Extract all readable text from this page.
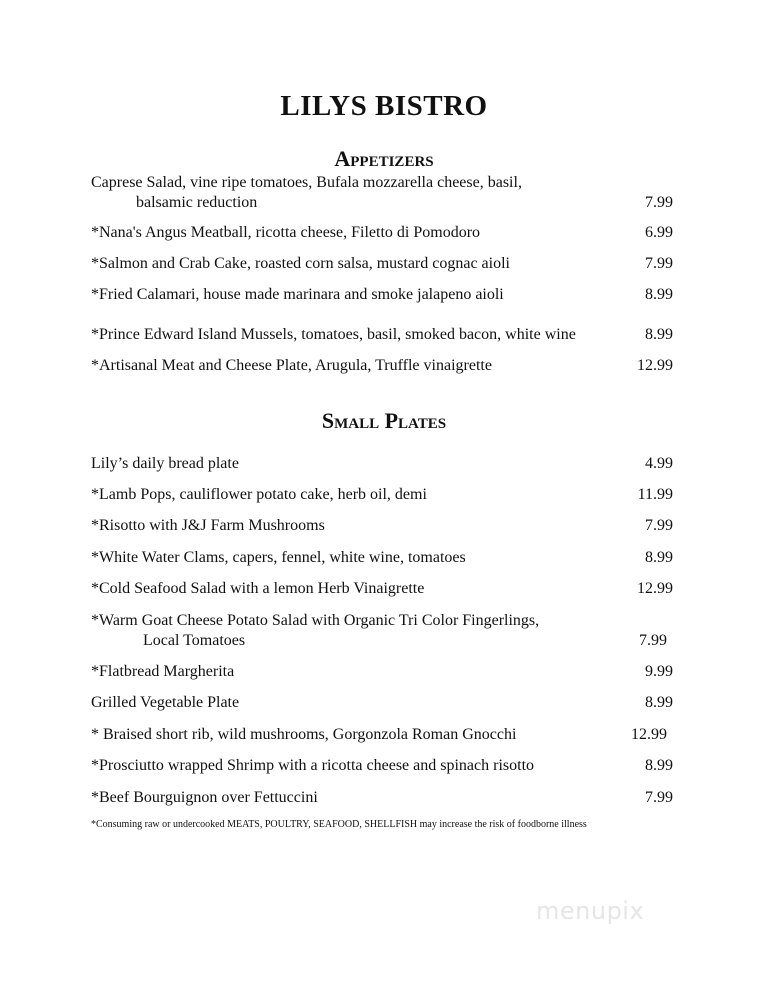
LILYS BISTRO
Appetizers
Caprese Salad, vine ripe tomatoes, Bufala mozzarella cheese, basil,
balsamic reduction	7.99
*Nana's Angus Meatball, ricotta cheese, Filetto di Pomodoro	6.99
*Salmon and Crab Cake, roasted corn salsa, mustard cognac aioli	7.99
*Fried Calamari, house made marinara and smoke jalapeno aioli	8.99
*Prince Edward Island Mussels, tomatoes, basil, smoked bacon, white wine	8.99
*Artisanal Meat and Cheese Plate, Arugula, Truffle vinaigrette	12.99
Small Plates
Lily’s daily bread plate	4.99
*Lamb Pops, cauliflower potato cake, herb oil, demi	11.99
*Risotto with J&J Farm Mushrooms	7.99
*White Water Clams, capers, fennel, white wine, tomatoes	8.99
*Cold Seafood Salad with a lemon Herb Vinaigrette	12.99
*Warm Goat Cheese Potato Salad with Organic Tri Color Fingerlings,
Local Tomatoes	7.99
*Flatbread Margherita	9.99
Grilled Vegetable Plate	8.99
* Braised short rib, wild mushrooms, Gorgonzola Roman Gnocchi	12.99
*Prosciutto wrapped Shrimp with a ricotta cheese and spinach risotto	8.99
*Beef Bourguignon over Fettuccini	7.99
*Consuming raw or undercooked MEATS, POULTRY, SEAFOOD, SHELLFISH may increase the risk of foodborne illness
menupix
